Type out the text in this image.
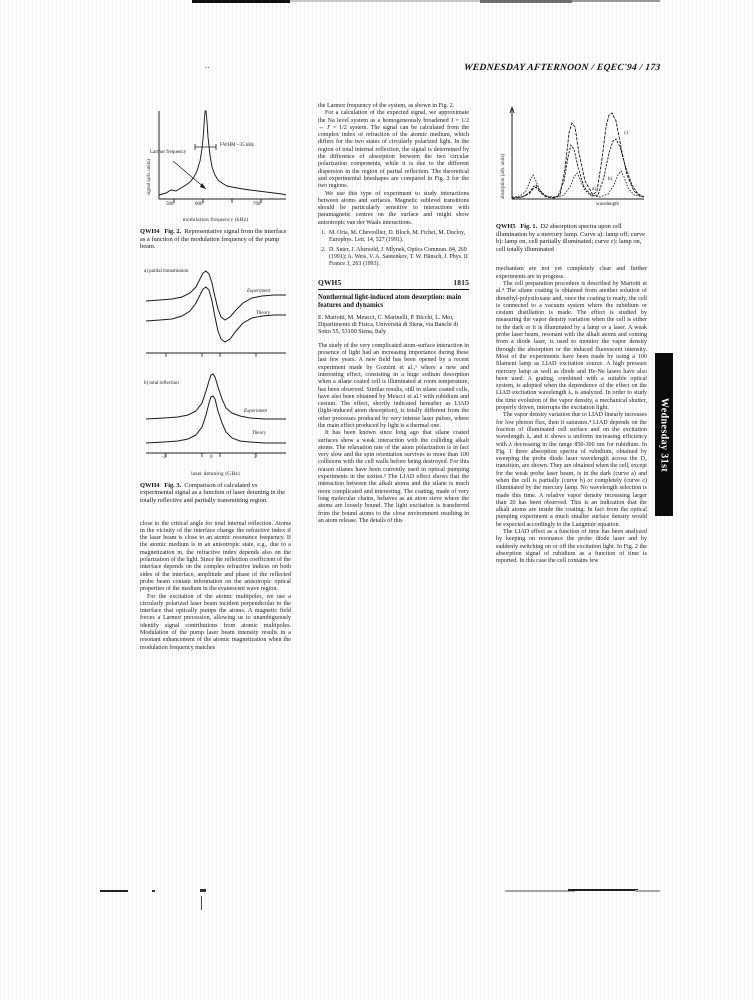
Wednesday 31st
..	WEDNESDAY AFTERNOON / EQEC'94 / 173
signal (arb. units)
FWHM ~35 kHz
Larmor frequency
500	600	700
modulation frequency (kHz)
QWH4 Fig. 2. Representative signal from the interface as a function of the modulation frequency of the pump beam.
a) partial transmission
Experiment
Theory
b) total reflection
Experiment
Theory
-2	0	2
laser detuning (GHz)
QWH4 Fig. 3. Comparison of calculated vs experimental signal as a function of laser detuning in the totally reflective and partially transmitting region.

close to the critical angle for total internal reflection. Atoms in the vicinity of the interface change the refractive index if the laser beam is close to an atomic resonance frequency. If the atomic medium is in an anisotropic state, e.g., due to a magnetization m, the refractive index depends also on the polarization of the light. Since the reflection coefficient of the interface depends on the complex refractive indices on both sides of the interface, amplitude and phase of the reflected probe beam contain information on the anisotropic optical properties of the medium in the evanescent wave region.

For the excitation of the atomic multipoles, we use a circularly polarized laser beam incident perpendicular to the interface that optically pumps the atoms. A magnetic field forces a Larmor precession, allowing us to unambiguously identify signal contributions from atomic multipoles. Modulation of the pump laser beam intensity results in a resonant enhancement of the atomic magnetization when the modulation frequency matches

the Larmor frequency of the system, as shown in Fig. 2.

For a calculation of the expected signal, we approximate the Na level system as a homogeneously broadened J = 1/2 ↔ J' = 1/2 system. The signal can be calculated from the complex index of refraction of the atomic medium, which differs for the two states of circularly polarized light. In the region of total internal reflection, the signal is determined by the difference of absorption between the two circular polarization components, while it is due to the different dispersion in the region of partial reflection. The theoretical and experimental lineshapes are compared in Fig. 3 for the two regions.

We use this type of experiment to study interactions between atoms and surfaces. Magnetic sublevel transitions should be particularly sensitive to interactions with paramagnetic centres on the surface and might show anisotropic van der Waals interactions.

1. M. Oria, M. Chevrollier, D. Bloch, M. Fichet, M. Ducloy, Europhys. Lett. 14, 527 (1991).
2. D. Suter, J. Abersold, J. Mlynek, Optics Commun. 84, 269 (1991); A. Weis, V. A. Sautenkov, T. W. Hänsch, J. Phys. II France 3, 263 (1993).
QWH5	1815
Nonthermal light-induced atom desorption: main features and dynamics
E. Mariotti, M. Meucci, C. Marinelli, P. Bicchi, L. Moi, Dipartimento di Fisica, Università di Siena, via Banchi di Sotto 55, 53100 Siena, Italy

The study of the very complicated atom-surface interaction in presence of light had an increasing importance during these last few years. A new field has been opened by a recent experiment made by Gozzini et al.,¹ where a new and interesting effect, consisting in a huge sodium desorption when a silane coated cell is illuminated at room temperature, has been observed. Similar results, still in silane coated cells, have also been obtained by Meucci et al.² with rubidium and cesium. The effect, shortly indicated hereafter as LIAD (light-induced atom desorption), is totally different from the other processes produced by very intense laser pulses, where the main effect produced by light is a thermal one.

It has been known since long ago that silane coated surfaces show a weak interaction with the colliding alkali atoms. The relaxation rate of the atom polarization is in fact very slow and the spin orientation survives to more than 100 collisions with the cell walls before being destroyed. For this reason silanes have been currently used in optical pumping experiments in the sixties.³ The LIAD effect shows that the interaction between the alkali atoms and the silane is much more complicated and interesting. The coating, made of very long molecular chains, behaves as an atom sieve where the atoms are loosely bound. The light excitation is transferred from the bound atoms to the close environment resulting in an atom release. The details of this

absorption (arb. units)
c)
b)
a)
wavelength
QWH5 Fig. 1. D2 absorption spectra upon cell illumination by a mercury lamp. Curve a): lamp off; curve b): lamp on, cell partially illuminated; curve c): lamp on, cell totally illuminated

mechanism are not yet completely clear and further experiments are in progress.

The cell preparation procedure is described by Mariotti et al.⁴ The silane coating is obtained from another solution of dimethyl-polysiloxane and, once the coating is ready, the cell is connected to a vacuum system where the rubidium or cesium distillation is made. The effect is studied by measuring the vapor density variation when the cell is either in the dark or it is illuminated by a lamp or a laser. A weak probe laser beam, resonant with the alkali atoms and coming from a diode laser, is used to monitor the vapor density through the absorption or the induced fluorescent intensity. Most of the experiments have been made by using a 100 filament lamp as LIAD excitation source. A high pressure mercury lamp as well as diode and He-Ne lasers have also been used. A grating, combined with a suitable optical system, is adopted when the dependence of the effect on the LIAD excitation wavelength λₑ is analyzed. In order to study the time evolution of the vapor density, a mechanical shutter, properly driven, interrupts the excitation light.

The vapor density variation due to LIAD linearly increases for low photon flux, then it saturates.⁴ LIAD depends on the fraction of illuminated cell surface and on the excitation wavelength λₑ and it shows a uniform increasing efficiency with λ decreasing in the range 850-300 nm for rubidium. In Fig. 1 three absorption spectra of rubidium, obtained by sweeping the probe diode laser wavelength across the D₂ transition, are shown. They are obtained when the cell, except for the weak probe laser beam, is in the dark (curve a) and when the cell is partially (curve b) or completely (curve c) illuminated by the mercury lamp. No wavelength selection is made this time. A relative vapor density increasing larger than 20 has been observed. This is an indication that the alkali atoms are inside the coating. In fact from the optical pumping experiment a much smaller surface density would be expected accordingly to the Langmuir equation.

The LIAD effect as a function of time has been analyzed by keeping on resonance the probe diode laser and by suddenly switching on or off the excitation light. In Fig. 2 the absorption signal of rubidium as a function of time is reported. In this case the cell contains few
